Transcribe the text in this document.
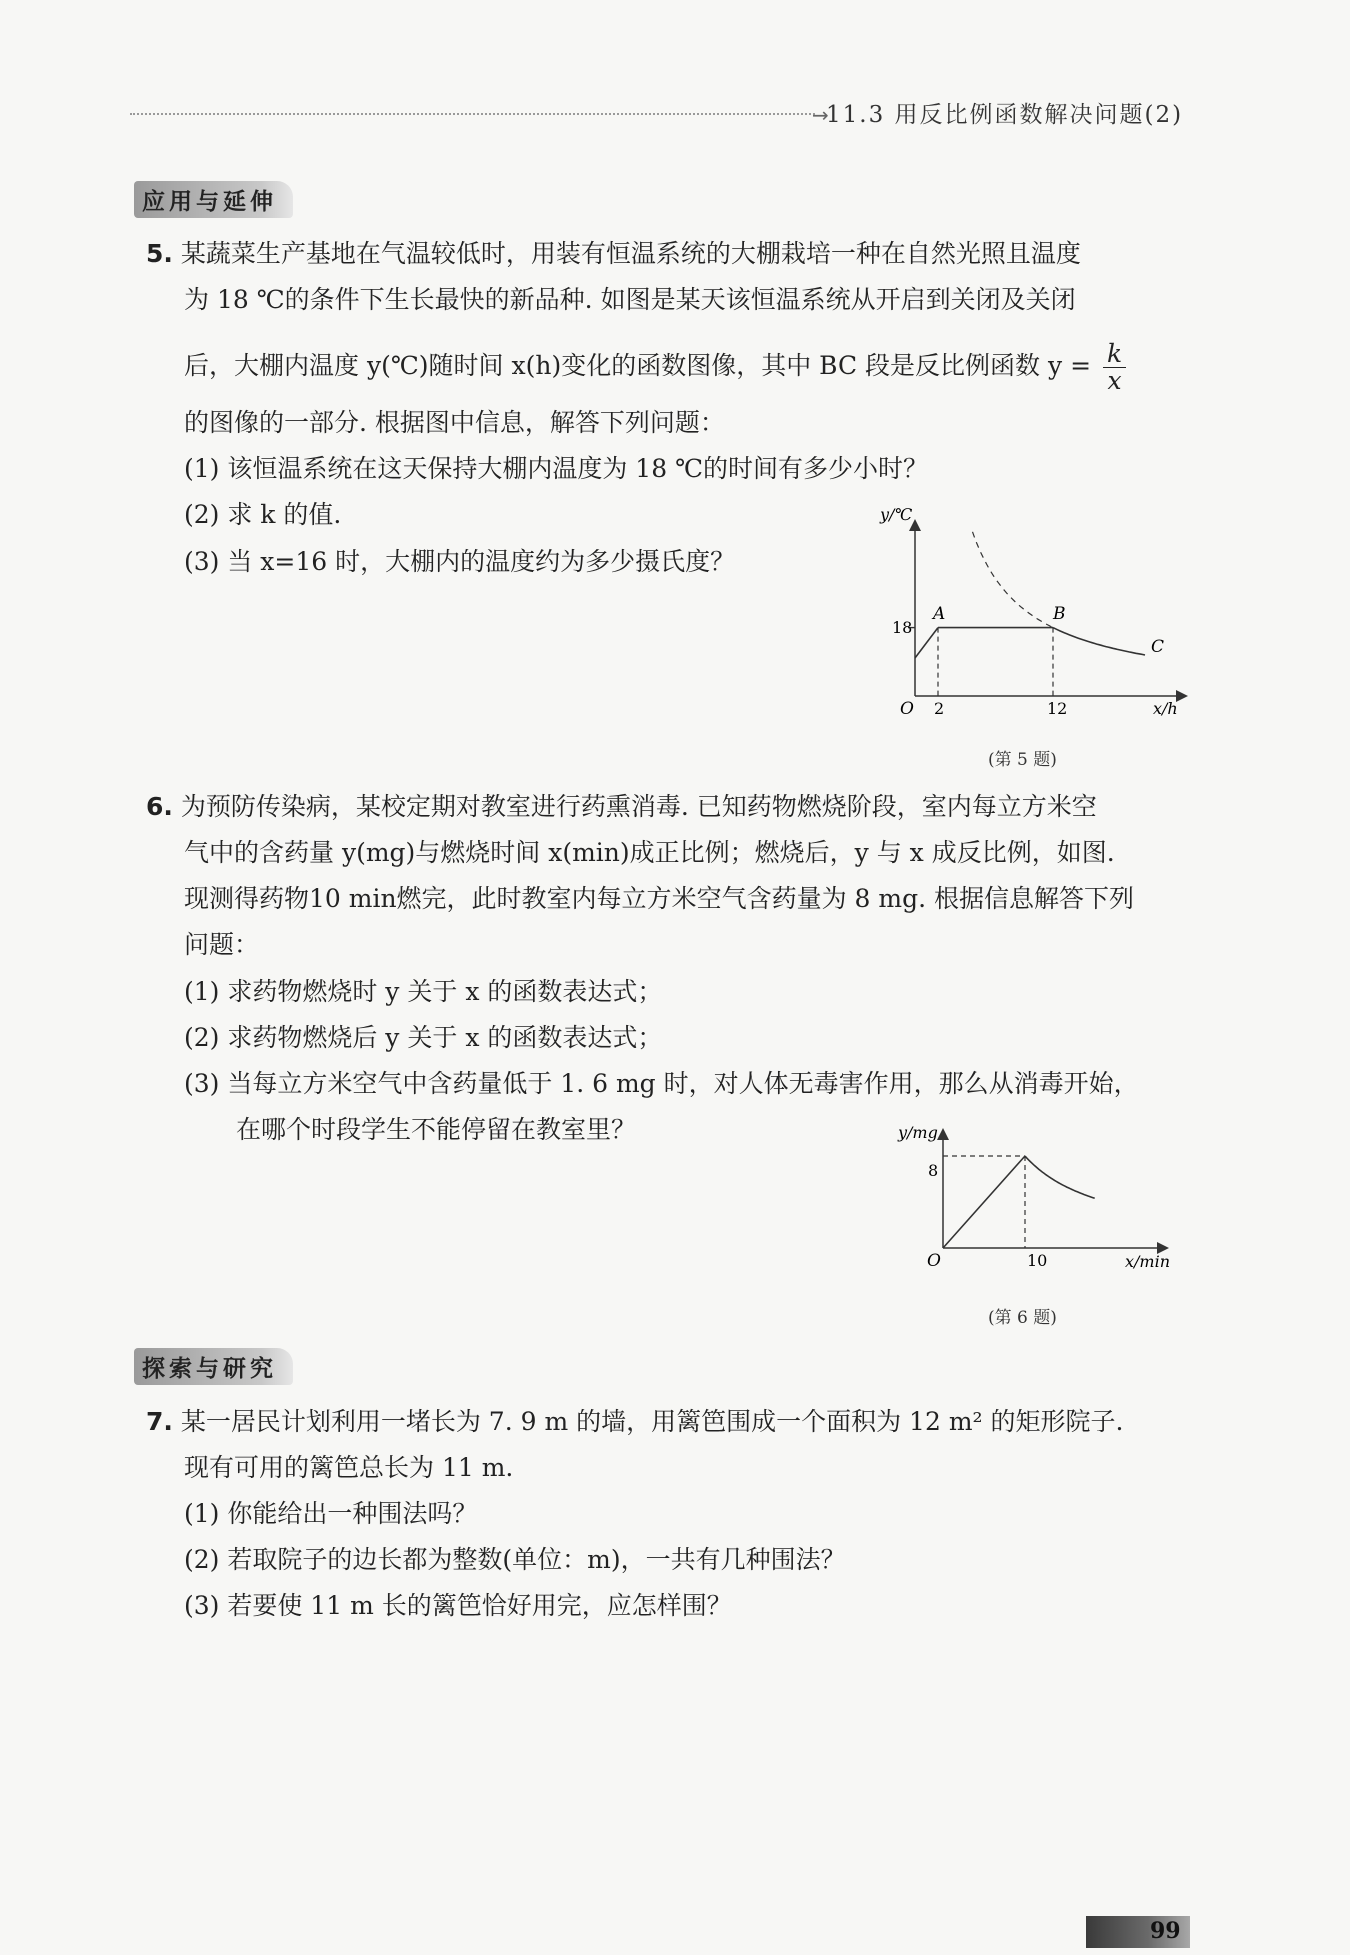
→
11.3 用反比例函数解决问题(2)
应用与延伸
5. 某蔬菜生产基地在气温较低时，用装有恒温系统的大棚栽培一种在自然光照且温度
为 18 ℃的条件下生长最快的新品种. 如图是某天该恒温系统从开启到关闭及关闭
后，大棚内温度 y(℃)随时间 x(h)变化的函数图像，其中 BC 段是反比例函数 $y = \frac{k}{x}$
的图像的一部分. 根据图中信息，解答下列问题：
(1) 该恒温系统在这天保持大棚内温度为 18 ℃的时间有多少小时？
(2) 求 k 的值.
(3) 当 x=16 时，大棚内的温度约为多少摄氏度？
y/℃
x/h
O 2	12
18
A	B
C
(第 5 题)
6. 为预防传染病，某校定期对教室进行药熏消毒. 已知药物燃烧阶段，室内每立方米空
气中的含药量 y(mg)与燃烧时间 x(min)成正比例；燃烧后，y 与 x 成反比例，如图.
现测得药物10 min燃完，此时教室内每立方米空气含药量为 8 mg. 根据信息解答下列
问题：
(1) 求药物燃烧时 y 关于 x 的函数表达式；
(2) 求药物燃烧后 y 关于 x 的函数表达式；
(3) 当每立方米空气中含药量低于 1. 6 mg 时，对人体无毒害作用，那么从消毒开始，
在哪个时段学生不能停留在教室里？	y/mg
x/min
O	10
8
(第 6 题)
探索与研究
7. 某一居民计划利用一堵长为 7. 9 m 的墙，用篱笆围成一个面积为 12 m² 的矩形院子.
现有可用的篱笆总长为 11 m.
(1) 你能给出一种围法吗？
(2) 若取院子的边长都为整数(单位：m)，一共有几种围法？
(3) 若要使 11 m 长的篱笆恰好用完，应怎样围？
99
